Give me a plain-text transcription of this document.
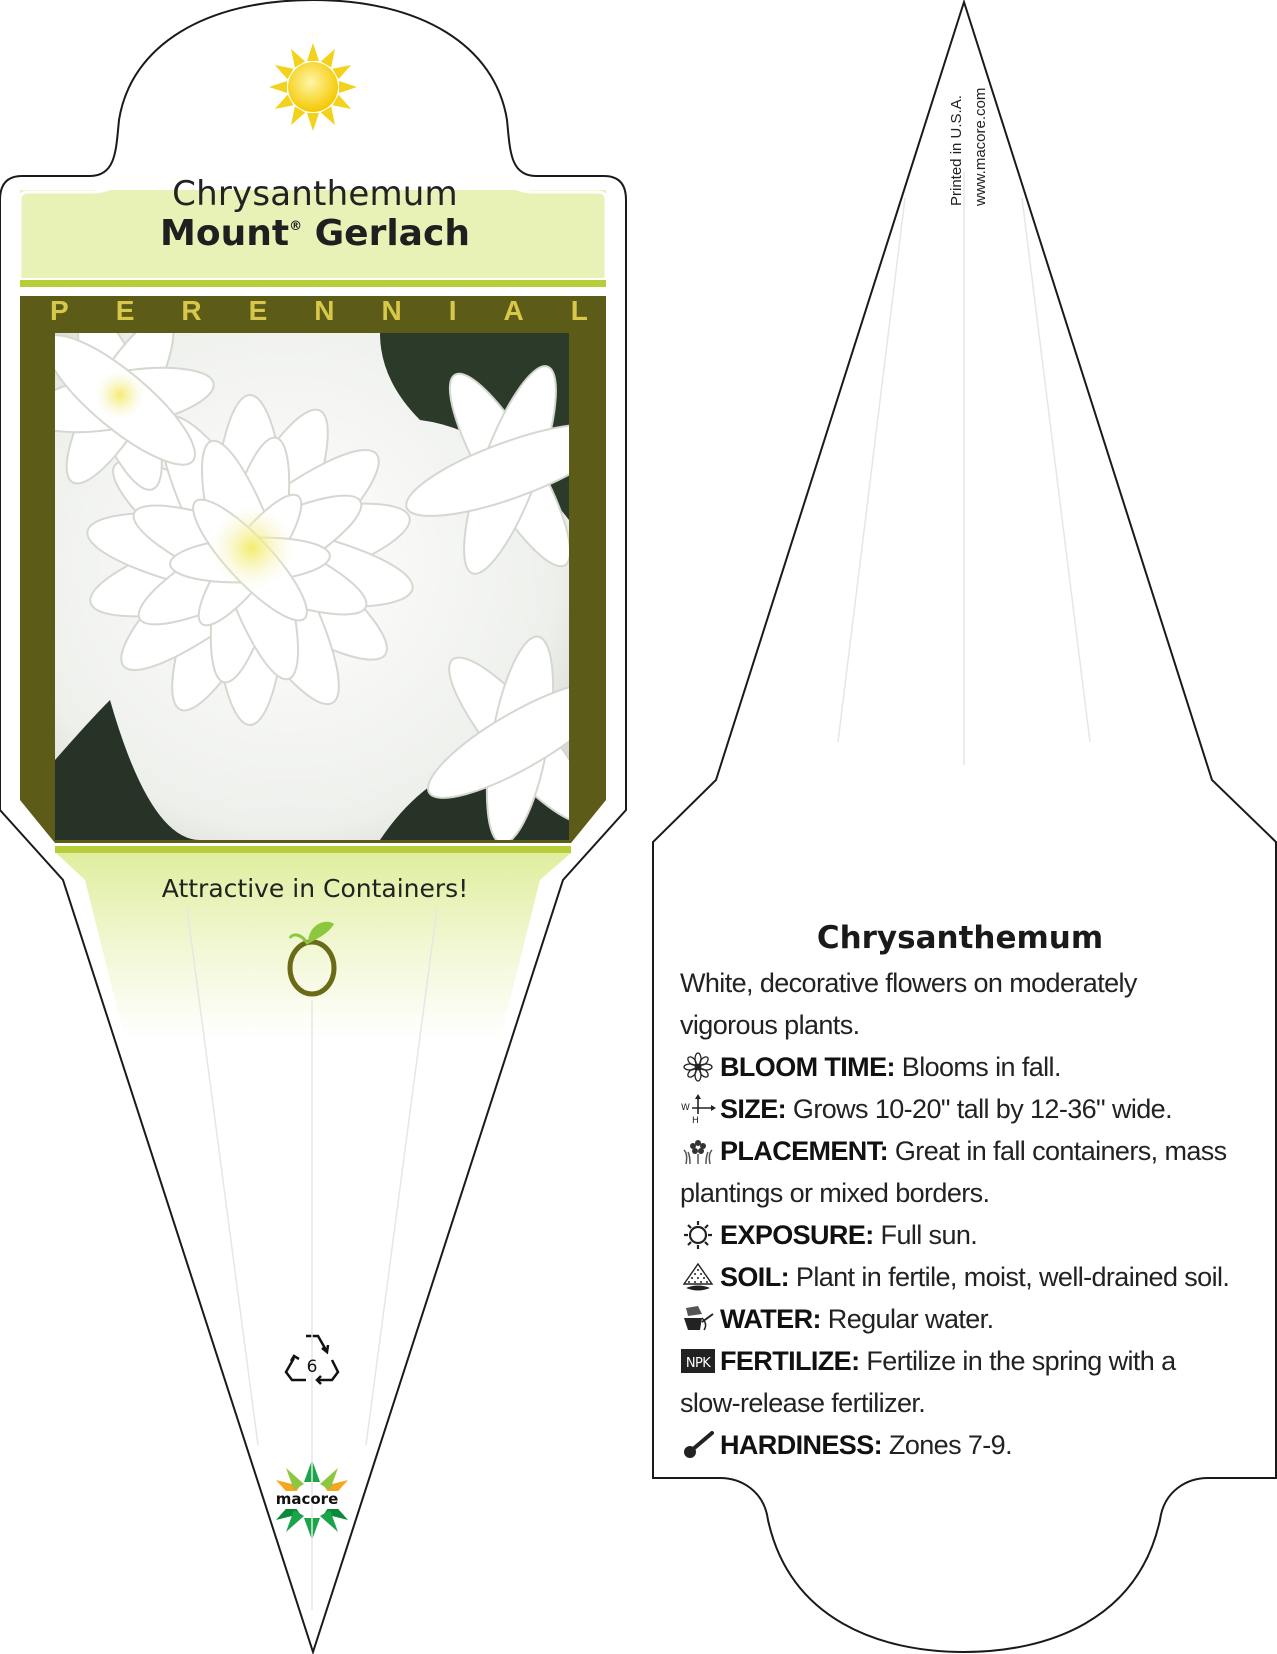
Chrysanthemum
Mount® Gerlach
P E R E N N I A L
Attractive in Containers!
6
macore
Printed in U.S.A. www.macore.com
Chrysanthemum

White, decorative flowers on moderately vigorous plants.

BLOOM TIME: Blooms in fall.

W
H SIZE: Grows 10-20" tall by 12-36" wide.

PLACEMENT: Great in fall containers, mass plantings or mixed borders.

EXPOSURE: Full sun.

SOIL: Plant in fertile, moist, well-drained soil.

WATER: Regular water.

NPK FERTILIZE: Fertilize in the spring with a slow-release fertilizer.

HARDINESS: Zones 7-9.
